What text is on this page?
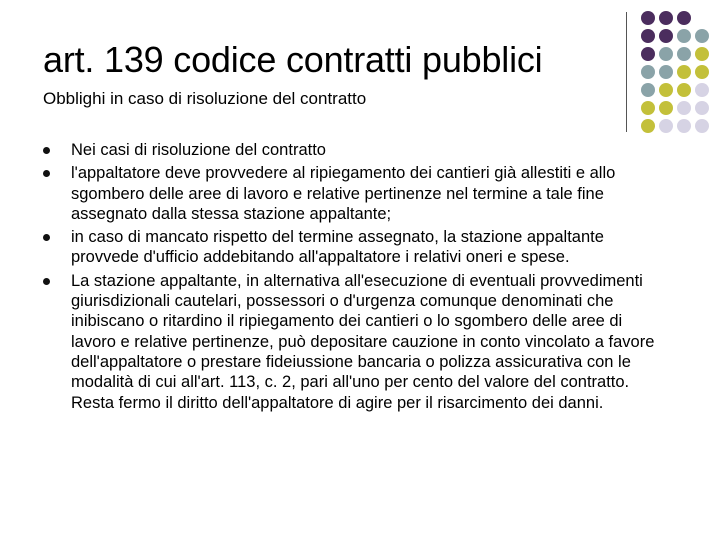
art. 139 codice contratti pubblici
Obblighi in caso di risoluzione del contratto
Nei casi di risoluzione del contratto
l'appaltatore deve provvedere al ripiegamento dei cantieri già allestiti e allo sgombero delle aree di lavoro e relative pertinenze nel termine a tale fine assegnato dalla stessa stazione appaltante;
in caso di mancato rispetto del termine assegnato, la stazione appaltante provvede d'ufficio addebitando all'appaltatore i relativi oneri e spese.
La stazione appaltante, in alternativa all'esecuzione di eventuali provvedimenti giurisdizionali cautelari, possessori o d'urgenza comunque denominati che inibiscano o ritardino il ripiegamento dei cantieri o lo sgombero delle aree di lavoro e relative pertinenze, può depositare cauzione in conto vincolato a favore dell'appaltatore o prestare fideiussione bancaria o polizza assicurativa con le modalità di cui all'art. 113, c. 2, pari all'uno per cento del valore del contratto. Resta fermo il diritto dell'appaltatore di agire per il risarcimento dei danni.
